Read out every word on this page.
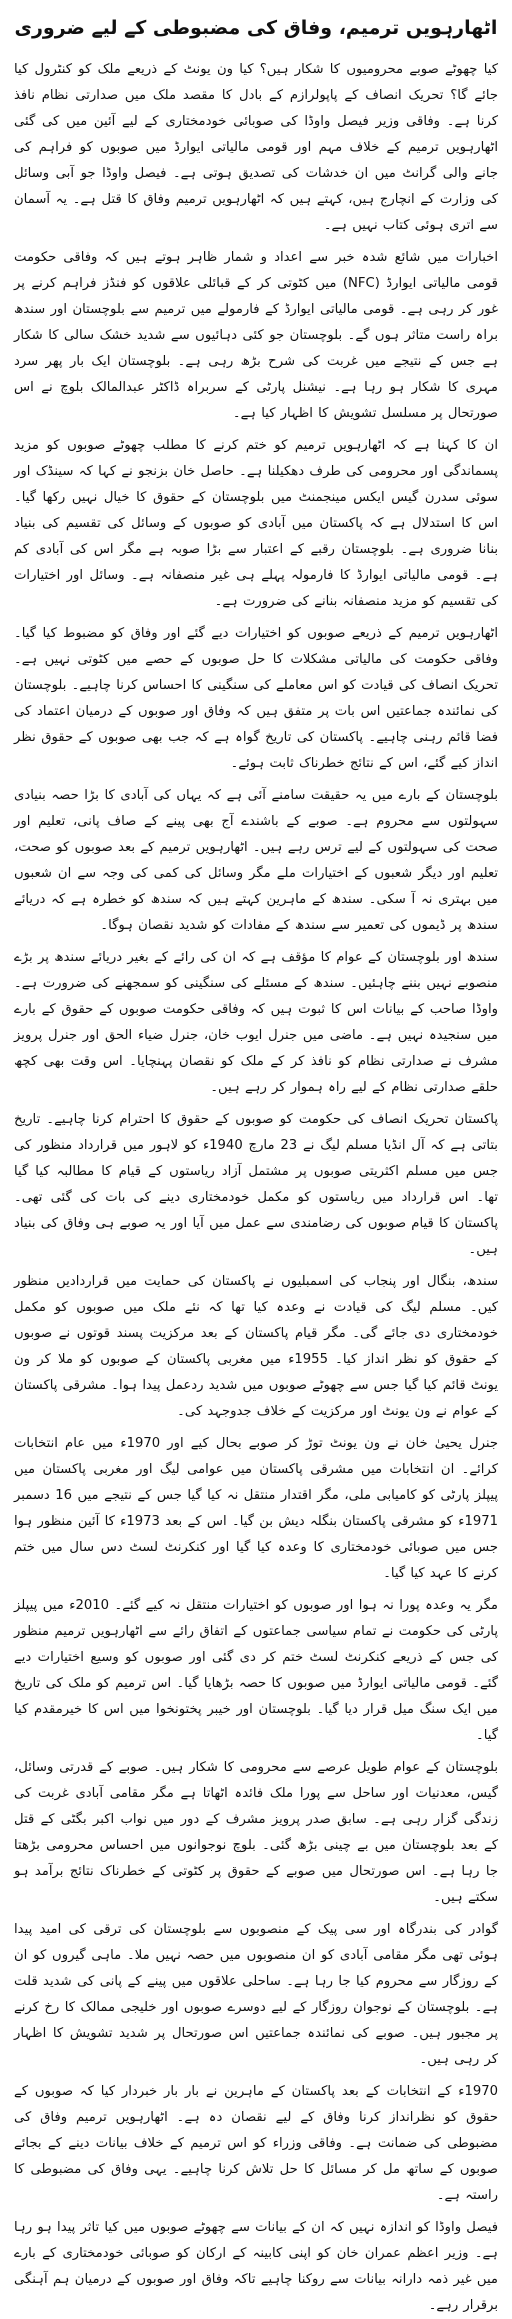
اٹھارہویں ترمیم، وفاق کی مضبوطی کے لیے ضروری

کیا چھوٹے صوبے محرومیوں کا شکار ہیں؟ کیا ون یونٹ کے ذریعے ملک کو کنٹرول کیا جائے گا؟ تحریک انصاف کے پاپولرازم کے بادل کا مقصد ملک میں صدارتی نظام نافذ کرنا ہے۔ وفاقی وزیر فیصل واوڈا کی صوبائی خودمختاری کے لیے آئین میں کی گئی اٹھارہویں ترمیم کے خلاف مہم اور قومی مالیاتی ایوارڈ میں صوبوں کو فراہم کی جانے والی گرانٹ میں ان خدشات کی تصدیق ہوتی ہے۔ فیصل واوڈا جو آبی وسائل کی وزارت کے انچارج ہیں، کہتے ہیں کہ اٹھارہویں ترمیم وفاق کا قتل ہے۔ یہ آسمان سے اتری ہوئی کتاب نہیں ہے۔

اخبارات میں شائع شدہ خبر سے اعداد و شمار ظاہر ہوتے ہیں کہ وفاقی حکومت قومی مالیاتی ایوارڈ (NFC) میں کٹوتی کر کے قبائلی علاقوں کو فنڈز فراہم کرنے پر غور کر رہی ہے۔ قومی مالیاتی ایوارڈ کے فارمولے میں ترمیم سے بلوچستان اور سندھ براہ راست متاثر ہوں گے۔ بلوچستان جو کئی دہائیوں سے شدید خشک سالی کا شکار ہے جس کے نتیجے میں غربت کی شرح بڑھ رہی ہے۔ بلوچستان ایک بار پھر سرد مہری کا شکار ہو رہا ہے۔ نیشنل پارٹی کے سربراہ ڈاکٹر عبدالمالک بلوچ نے اس صورتحال پر مسلسل تشویش کا اظہار کیا ہے۔

ان کا کہنا ہے کہ اٹھارہویں ترمیم کو ختم کرنے کا مطلب چھوٹے صوبوں کو مزید پسماندگی اور محرومی کی طرف دھکیلنا ہے۔ حاصل خان بزنجو نے کہا کہ سینڈک اور سوئی سدرن گیس ایکس مینجمنٹ میں بلوچستان کے حقوق کا خیال نہیں رکھا گیا۔ اس کا استدلال ہے کہ پاکستان میں آبادی کو صوبوں کے وسائل کی تقسیم کی بنیاد بنانا ضروری ہے۔ بلوچستان رقبے کے اعتبار سے بڑا صوبہ ہے مگر اس کی آبادی کم ہے۔ قومی مالیاتی ایوارڈ کا فارمولہ پہلے ہی غیر منصفانہ ہے۔ وسائل اور اختیارات کی تقسیم کو مزید منصفانہ بنانے کی ضرورت ہے۔

اٹھارہویں ترمیم کے ذریعے صوبوں کو اختیارات دیے گئے اور وفاق کو مضبوط کیا گیا۔ وفاقی حکومت کی مالیاتی مشکلات کا حل صوبوں کے حصے میں کٹوتی نہیں ہے۔ تحریک انصاف کی قیادت کو اس معاملے کی سنگینی کا احساس کرنا چاہیے۔ بلوچستان کی نمائندہ جماعتیں اس بات پر متفق ہیں کہ وفاق اور صوبوں کے درمیان اعتماد کی فضا قائم رہنی چاہیے۔ پاکستان کی تاریخ گواہ ہے کہ جب بھی صوبوں کے حقوق نظر انداز کیے گئے، اس کے نتائج خطرناک ثابت ہوئے۔

بلوچستان کے بارے میں یہ حقیقت سامنے آئی ہے کہ یہاں کی آبادی کا بڑا حصہ بنیادی سہولتوں سے محروم ہے۔ صوبے کے باشندے آج بھی پینے کے صاف پانی، تعلیم اور صحت کی سہولتوں کے لیے ترس رہے ہیں۔ اٹھارہویں ترمیم کے بعد صوبوں کو صحت، تعلیم اور دیگر شعبوں کے اختیارات ملے مگر وسائل کی کمی کی وجہ سے ان شعبوں میں بہتری نہ آ سکی۔ سندھ کے ماہرین کہتے ہیں کہ سندھ کو خطرہ ہے کہ دریائے سندھ پر ڈیموں کی تعمیر سے سندھ کے مفادات کو شدید نقصان ہوگا۔

سندھ اور بلوچستان کے عوام کا مؤقف ہے کہ ان کی رائے کے بغیر دریائے سندھ پر بڑے منصوبے نہیں بننے چاہئیں۔ سندھ کے مسئلے کی سنگینی کو سمجھنے کی ضرورت ہے۔ واوڈا صاحب کے بیانات اس کا ثبوت ہیں کہ وفاقی حکومت صوبوں کے حقوق کے بارے میں سنجیدہ نہیں ہے۔ ماضی میں جنرل ایوب خان، جنرل ضیاء الحق اور جنرل پرویز مشرف نے صدارتی نظام کو نافذ کر کے ملک کو نقصان پہنچایا۔ اس وقت بھی کچھ حلقے صدارتی نظام کے لیے راہ ہموار کر رہے ہیں۔

پاکستان تحریک انصاف کی حکومت کو صوبوں کے حقوق کا احترام کرنا چاہیے۔ تاریخ بتاتی ہے کہ آل انڈیا مسلم لیگ نے 23 مارچ 1940ء کو لاہور میں قرارداد منظور کی جس میں مسلم اکثریتی صوبوں پر مشتمل آزاد ریاستوں کے قیام کا مطالبہ کیا گیا تھا۔ اس قرارداد میں ریاستوں کو مکمل خودمختاری دینے کی بات کی گئی تھی۔ پاکستان کا قیام صوبوں کی رضامندی سے عمل میں آیا اور یہ صوبے ہی وفاق کی بنیاد ہیں۔

سندھ، بنگال اور پنجاب کی اسمبلیوں نے پاکستان کی حمایت میں قراردادیں منظور کیں۔ مسلم لیگ کی قیادت نے وعدہ کیا تھا کہ نئے ملک میں صوبوں کو مکمل خودمختاری دی جائے گی۔ مگر قیام پاکستان کے بعد مرکزیت پسند قوتوں نے صوبوں کے حقوق کو نظر انداز کیا۔ 1955ء میں مغربی پاکستان کے صوبوں کو ملا کر ون یونٹ قائم کیا گیا جس سے چھوٹے صوبوں میں شدید ردعمل پیدا ہوا۔ مشرقی پاکستان کے عوام نے ون یونٹ اور مرکزیت کے خلاف جدوجہد کی۔

جنرل یحییٰ خان نے ون یونٹ توڑ کر صوبے بحال کیے اور 1970ء میں عام انتخابات کرائے۔ ان انتخابات میں مشرقی پاکستان میں عوامی لیگ اور مغربی پاکستان میں پیپلز پارٹی کو کامیابی ملی، مگر اقتدار منتقل نہ کیا گیا جس کے نتیجے میں 16 دسمبر 1971ء کو مشرقی پاکستان بنگلہ دیش بن گیا۔ اس کے بعد 1973ء کا آئین منظور ہوا جس میں صوبائی خودمختاری کا وعدہ کیا گیا اور کنکرنٹ لسٹ دس سال میں ختم کرنے کا عہد کیا گیا۔

مگر یہ وعدہ پورا نہ ہوا اور صوبوں کو اختیارات منتقل نہ کیے گئے۔ 2010ء میں پیپلز پارٹی کی حکومت نے تمام سیاسی جماعتوں کے اتفاق رائے سے اٹھارہویں ترمیم منظور کی جس کے ذریعے کنکرنٹ لسٹ ختم کر دی گئی اور صوبوں کو وسیع اختیارات دیے گئے۔ قومی مالیاتی ایوارڈ میں صوبوں کا حصہ بڑھایا گیا۔ اس ترمیم کو ملک کی تاریخ میں ایک سنگ میل قرار دیا گیا۔ بلوچستان اور خیبر پختونخوا میں اس کا خیرمقدم کیا گیا۔

بلوچستان کے عوام طویل عرصے سے محرومی کا شکار ہیں۔ صوبے کے قدرتی وسائل، گیس، معدنیات اور ساحل سے پورا ملک فائدہ اٹھاتا ہے مگر مقامی آبادی غربت کی زندگی گزار رہی ہے۔ سابق صدر پرویز مشرف کے دور میں نواب اکبر بگٹی کے قتل کے بعد بلوچستان میں بے چینی بڑھ گئی۔ بلوچ نوجوانوں میں احساس محرومی بڑھتا جا رہا ہے۔ اس صورتحال میں صوبے کے حقوق پر کٹوتی کے خطرناک نتائج برآمد ہو سکتے ہیں۔

گوادر کی بندرگاہ اور سی پیک کے منصوبوں سے بلوچستان کی ترقی کی امید پیدا ہوئی تھی مگر مقامی آبادی کو ان منصوبوں میں حصہ نہیں ملا۔ ماہی گیروں کو ان کے روزگار سے محروم کیا جا رہا ہے۔ ساحلی علاقوں میں پینے کے پانی کی شدید قلت ہے۔ بلوچستان کے نوجوان روزگار کے لیے دوسرے صوبوں اور خلیجی ممالک کا رخ کرنے پر مجبور ہیں۔ صوبے کی نمائندہ جماعتیں اس صورتحال پر شدید تشویش کا اظہار کر رہی ہیں۔

1970ء کے انتخابات کے بعد پاکستان کے ماہرین نے بار بار خبردار کیا کہ صوبوں کے حقوق کو نظرانداز کرنا وفاق کے لیے نقصان دہ ہے۔ اٹھارہویں ترمیم وفاق کی مضبوطی کی ضمانت ہے۔ وفاقی وزراء کو اس ترمیم کے خلاف بیانات دینے کے بجائے صوبوں کے ساتھ مل کر مسائل کا حل تلاش کرنا چاہیے۔ یہی وفاق کی مضبوطی کا راستہ ہے۔

فیصل واوڈا کو اندازہ نہیں کہ ان کے بیانات سے چھوٹے صوبوں میں کیا تاثر پیدا ہو رہا ہے۔ وزیر اعظم عمران خان کو اپنی کابینہ کے ارکان کو صوبائی خودمختاری کے بارے میں غیر ذمہ دارانہ بیانات سے روکنا چاہیے تاکہ وفاق اور صوبوں کے درمیان ہم آہنگی برقرار رہے۔
